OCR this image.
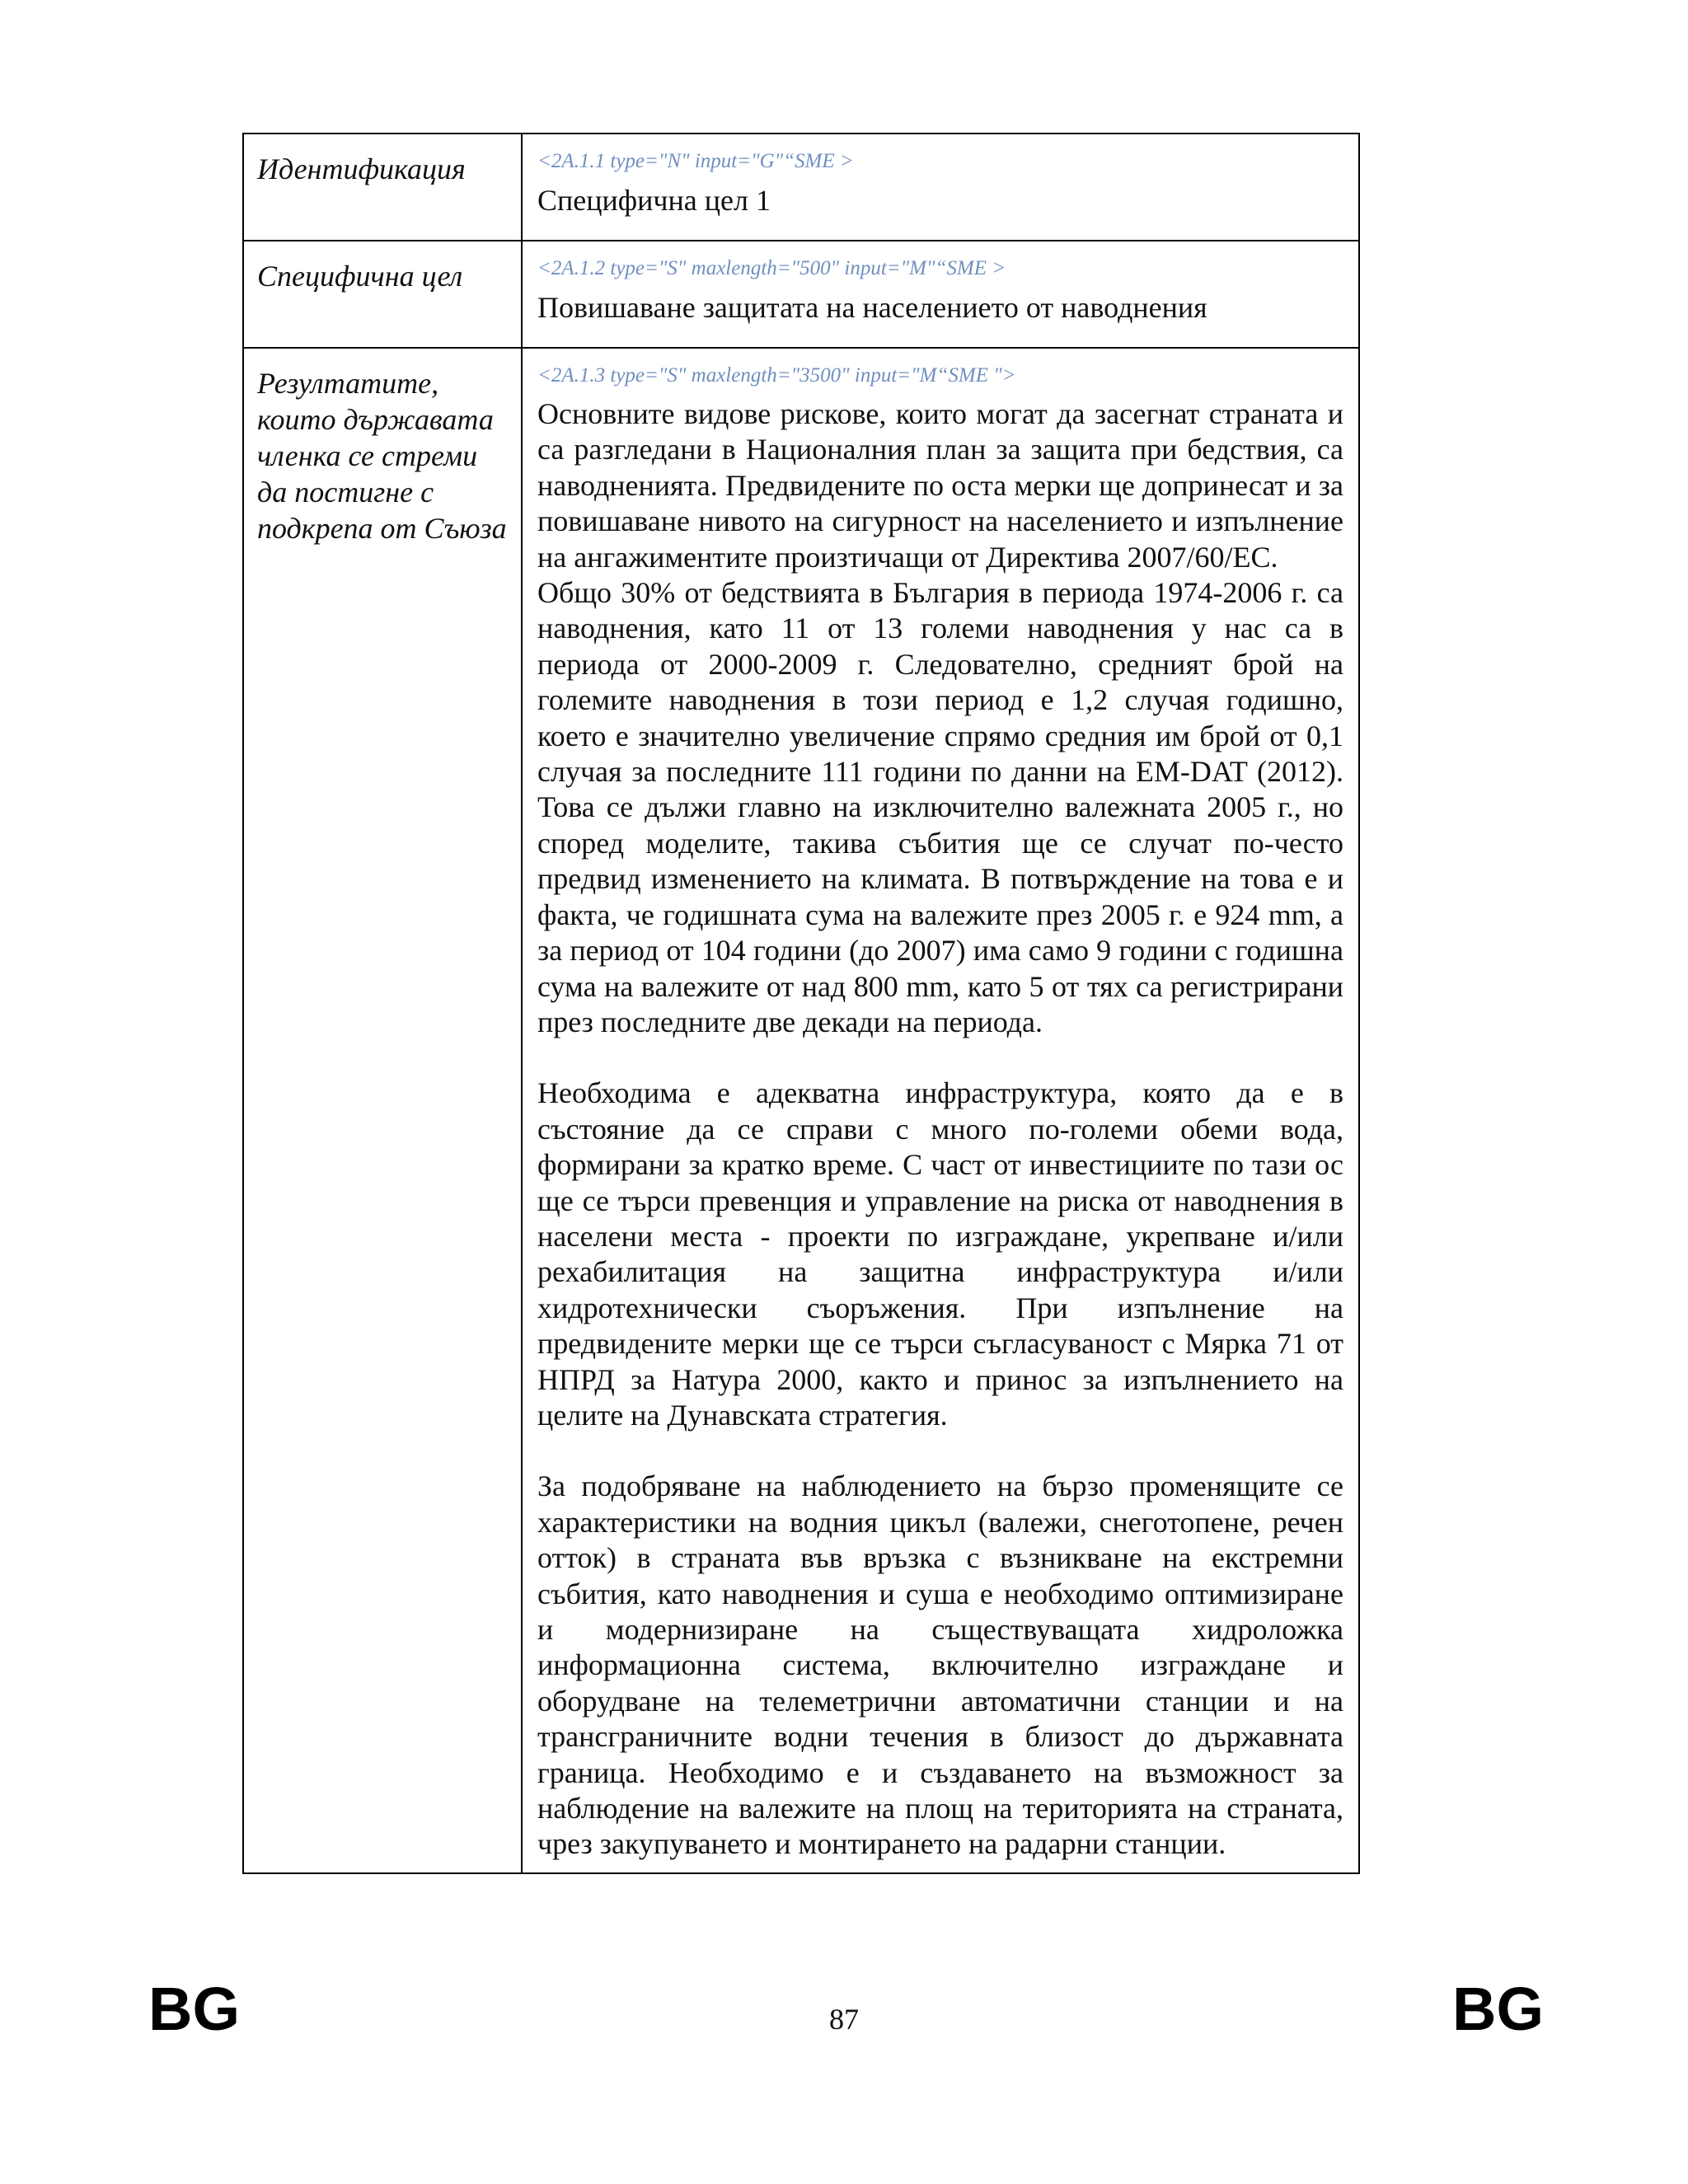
Идентификация	<2A.1.1 type="N" input="G"“SME >
Специфична цел 1

Специфична цел	<2A.1.2 type="S" maxlength="500" input="M"“SME >
Повишаване защитата на населението от наводнения

Резултатите, които държавата членка се стреми да постигне с подкрепа от Съюза	<2A.1.3 type="S" maxlength="3500" input="M“SME ">

Основните видове рискове, които могат да засегнат страната и са разгледани в Националния план за защита при бедствия, са наводненията. Предвидените по оста мерки ще допринесат и за повишаване нивото на сигурност на населението и изпълнение на ангажиментите произтичащи от Директива 2007/60/ЕС.

Общо 30% от бедствията в България в периода 1974-2006 г. са наводнения, като 11 от 13 големи наводнения у нас са в периода от 2000-2009 г. Следователно, средният брой на големите наводнения в този период е 1,2 случая годишно, което е значително увеличение спрямо средния им брой от 0,1 случая за последните 111 години по данни на EM-DAT (2012). Това се дължи главно на изключително валежната 2005 г., но според моделите, такива събития ще се случат по-често предвид изменението на климата. В потвърждение на това е и факта, че годишната сума на валежите през 2005 г. е 924 mm, а за период от 104 години (до 2007) има само 9 години с годишна сума на валежите от над 800 mm, като 5 от тях са регистрирани през последните две декади на периода.

Необходима е адекватна инфраструктура, която да е в състояние да се справи с много по-големи обеми вода, формирани за кратко време. С част от инвестициите по тази ос ще се търси превенция и управление на риска от наводнения в населени места - проекти по изграждане, укрепване и/или рехабилитация на защитна инфраструктура и/или хидротехнически съоръжения. При изпълнение на предвидените мерки ще се търси съгласуваност с Мярка 71 от НПРД за Натура 2000, както и принос за изпълнението на целите на Дунавската стратегия.

За подобряване на наблюдението на бързо променящите се характеристики на водния цикъл (валежи, снеготопене, речен отток) в страната във връзка с възникване на екстремни събития, като наводнения и суша е необходимо оптимизиране и модернизиране на съществуващата хидроложка информационна система, включително изграждане и оборудване на телеметрични автоматични станции и на трансграничните водни течения в близост до държавната граница. Необходимо е и създаването на възможност за наблюдение на валежите на площ на територията на страната, чрез закупуването и монтирането на радарни станции.

BG	87	BG
